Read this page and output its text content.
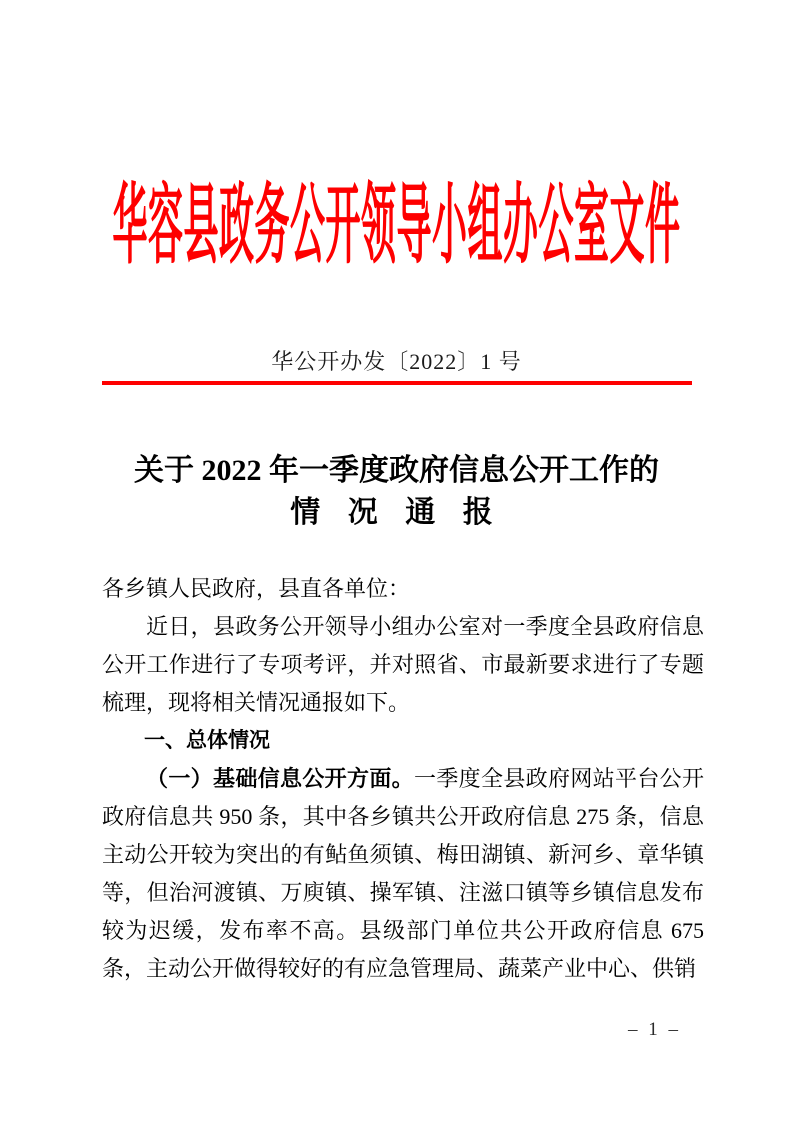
华容县政务公开领导小组办公室文件
华公开办发〔2022〕1 号
关于 2022 年一季度政府信息公开工作的
情 况 通 报

各乡镇人民政府，县直各单位：

近日，县政务公开领导小组办公室对一季度全县政府信息公开工作进行了专项考评，并对照省、市最新要求进行了专题梳理，现将相关情况通报如下。

一、总体情况

（一）基础信息公开方面。一季度全县政府网站平台公开政府信息共 950 条，其中各乡镇共公开政府信息 275 条，信息主动公开较为突出的有鲇鱼须镇、梅田湖镇、新河乡、章华镇等，但治河渡镇、万庾镇、操军镇、注滋口镇等乡镇信息发布较为迟缓，发布率不高。县级部门单位共公开政府信息 675 条，主动公开做得较好的有应急管理局、蔬菜产业中心、供销

– 1 –
